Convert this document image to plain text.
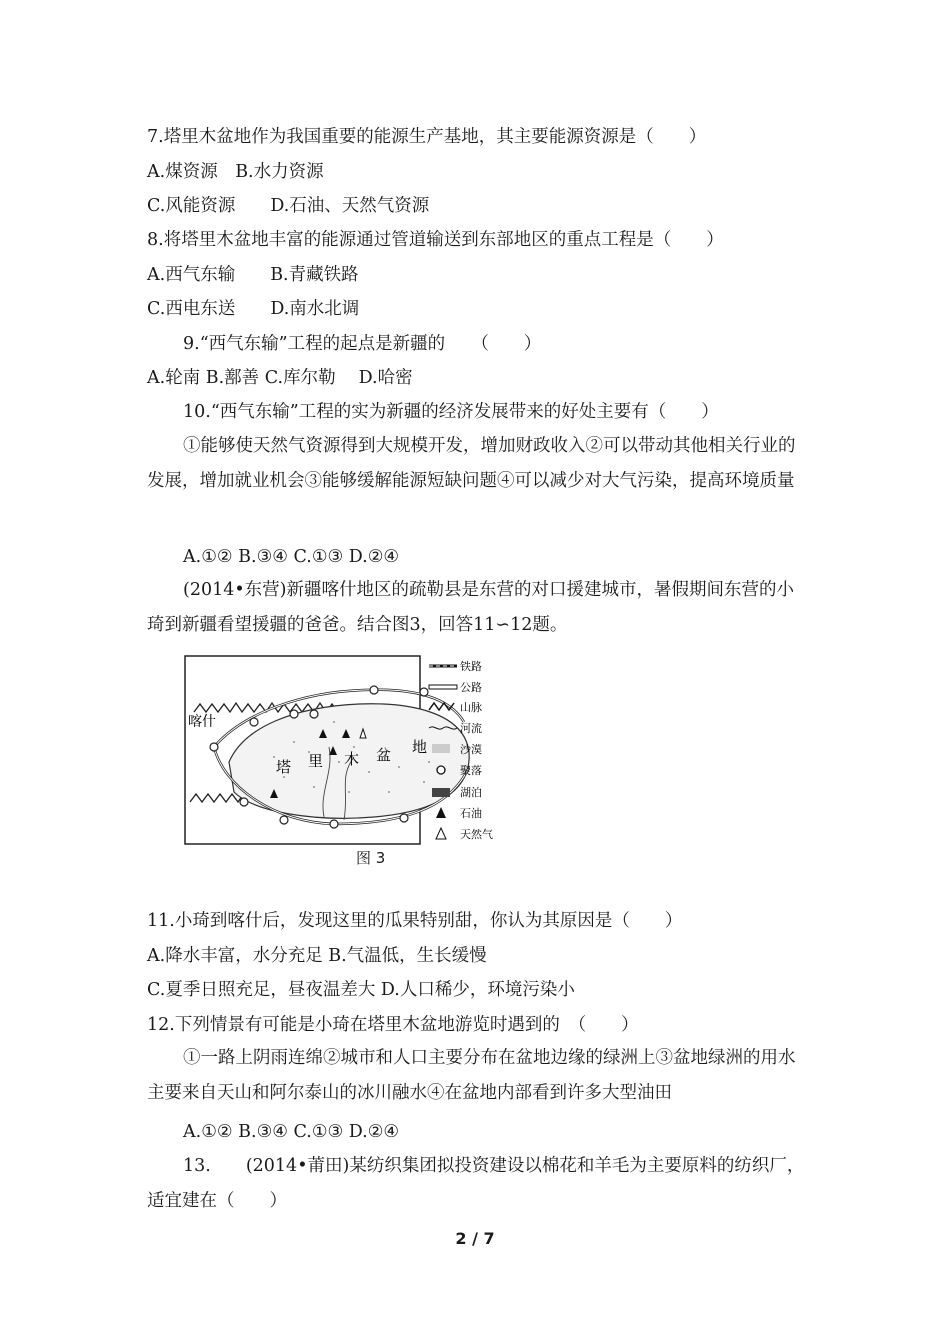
7.塔里木盆地作为我国重要的能源生产基地，其主要能源资源是（　　）
A.煤资源　B.水力资源
C.风能资源　　D.石油、天然气资源
8.将塔里木盆地丰富的能源通过管道输送到东部地区的重点工程是（　　）
A.西气东输　　B.青藏铁路
C.西电东送　　D.南水北调
9.“西气东输”工程的起点是新疆的　　（　　）
A.轮南 B.鄯善 C.库尔勒　 D.哈密
10.“西气东输”工程的实为新疆的经济发展带来的好处主要有（　　）
①能够使天然气资源得到大规模开发，增加财政收入②可以带动其他相关行业的发展，增加就业机会③能够缓解能源短缺问题④可以减少对大气污染，提高环境质量
A.①② B.③④ C.①③ D.②④
(2014•东营)新疆喀什地区的疏勒县是东营的对口援建城市，暑假期间东营的小琦到新疆看望援疆的爸爸。结合图3，回答11∽12题。
喀什
塔 里 木 盆 地
铁路
公路
山脉
河流
沙漠
聚落
湖泊
石油
天然气
图 3
11.小琦到喀什后，发现这里的瓜果特别甜，你认为其原因是（　　）
A.降水丰富，水分充足 B.气温低，生长缓慢
C.夏季日照充足，昼夜温差大 D.人口稀少，环境污染小
12.下列情景有可能是小琦在塔里木盆地游览时遇到的　（　　）
①一路上阴雨连绵②城市和人口主要分布在盆地边缘的绿洲上③盆地绿洲的用水主要来自天山和阿尔泰山的冰川融水④在盆地内部看到许多大型油田
A.①② B.③④ C.①③ D.②④
13.　　(2014•莆田)某纺织集团拟投资建设以棉花和羊毛为主要原料的纺织厂，适宜建在（　　）
2 / 7
